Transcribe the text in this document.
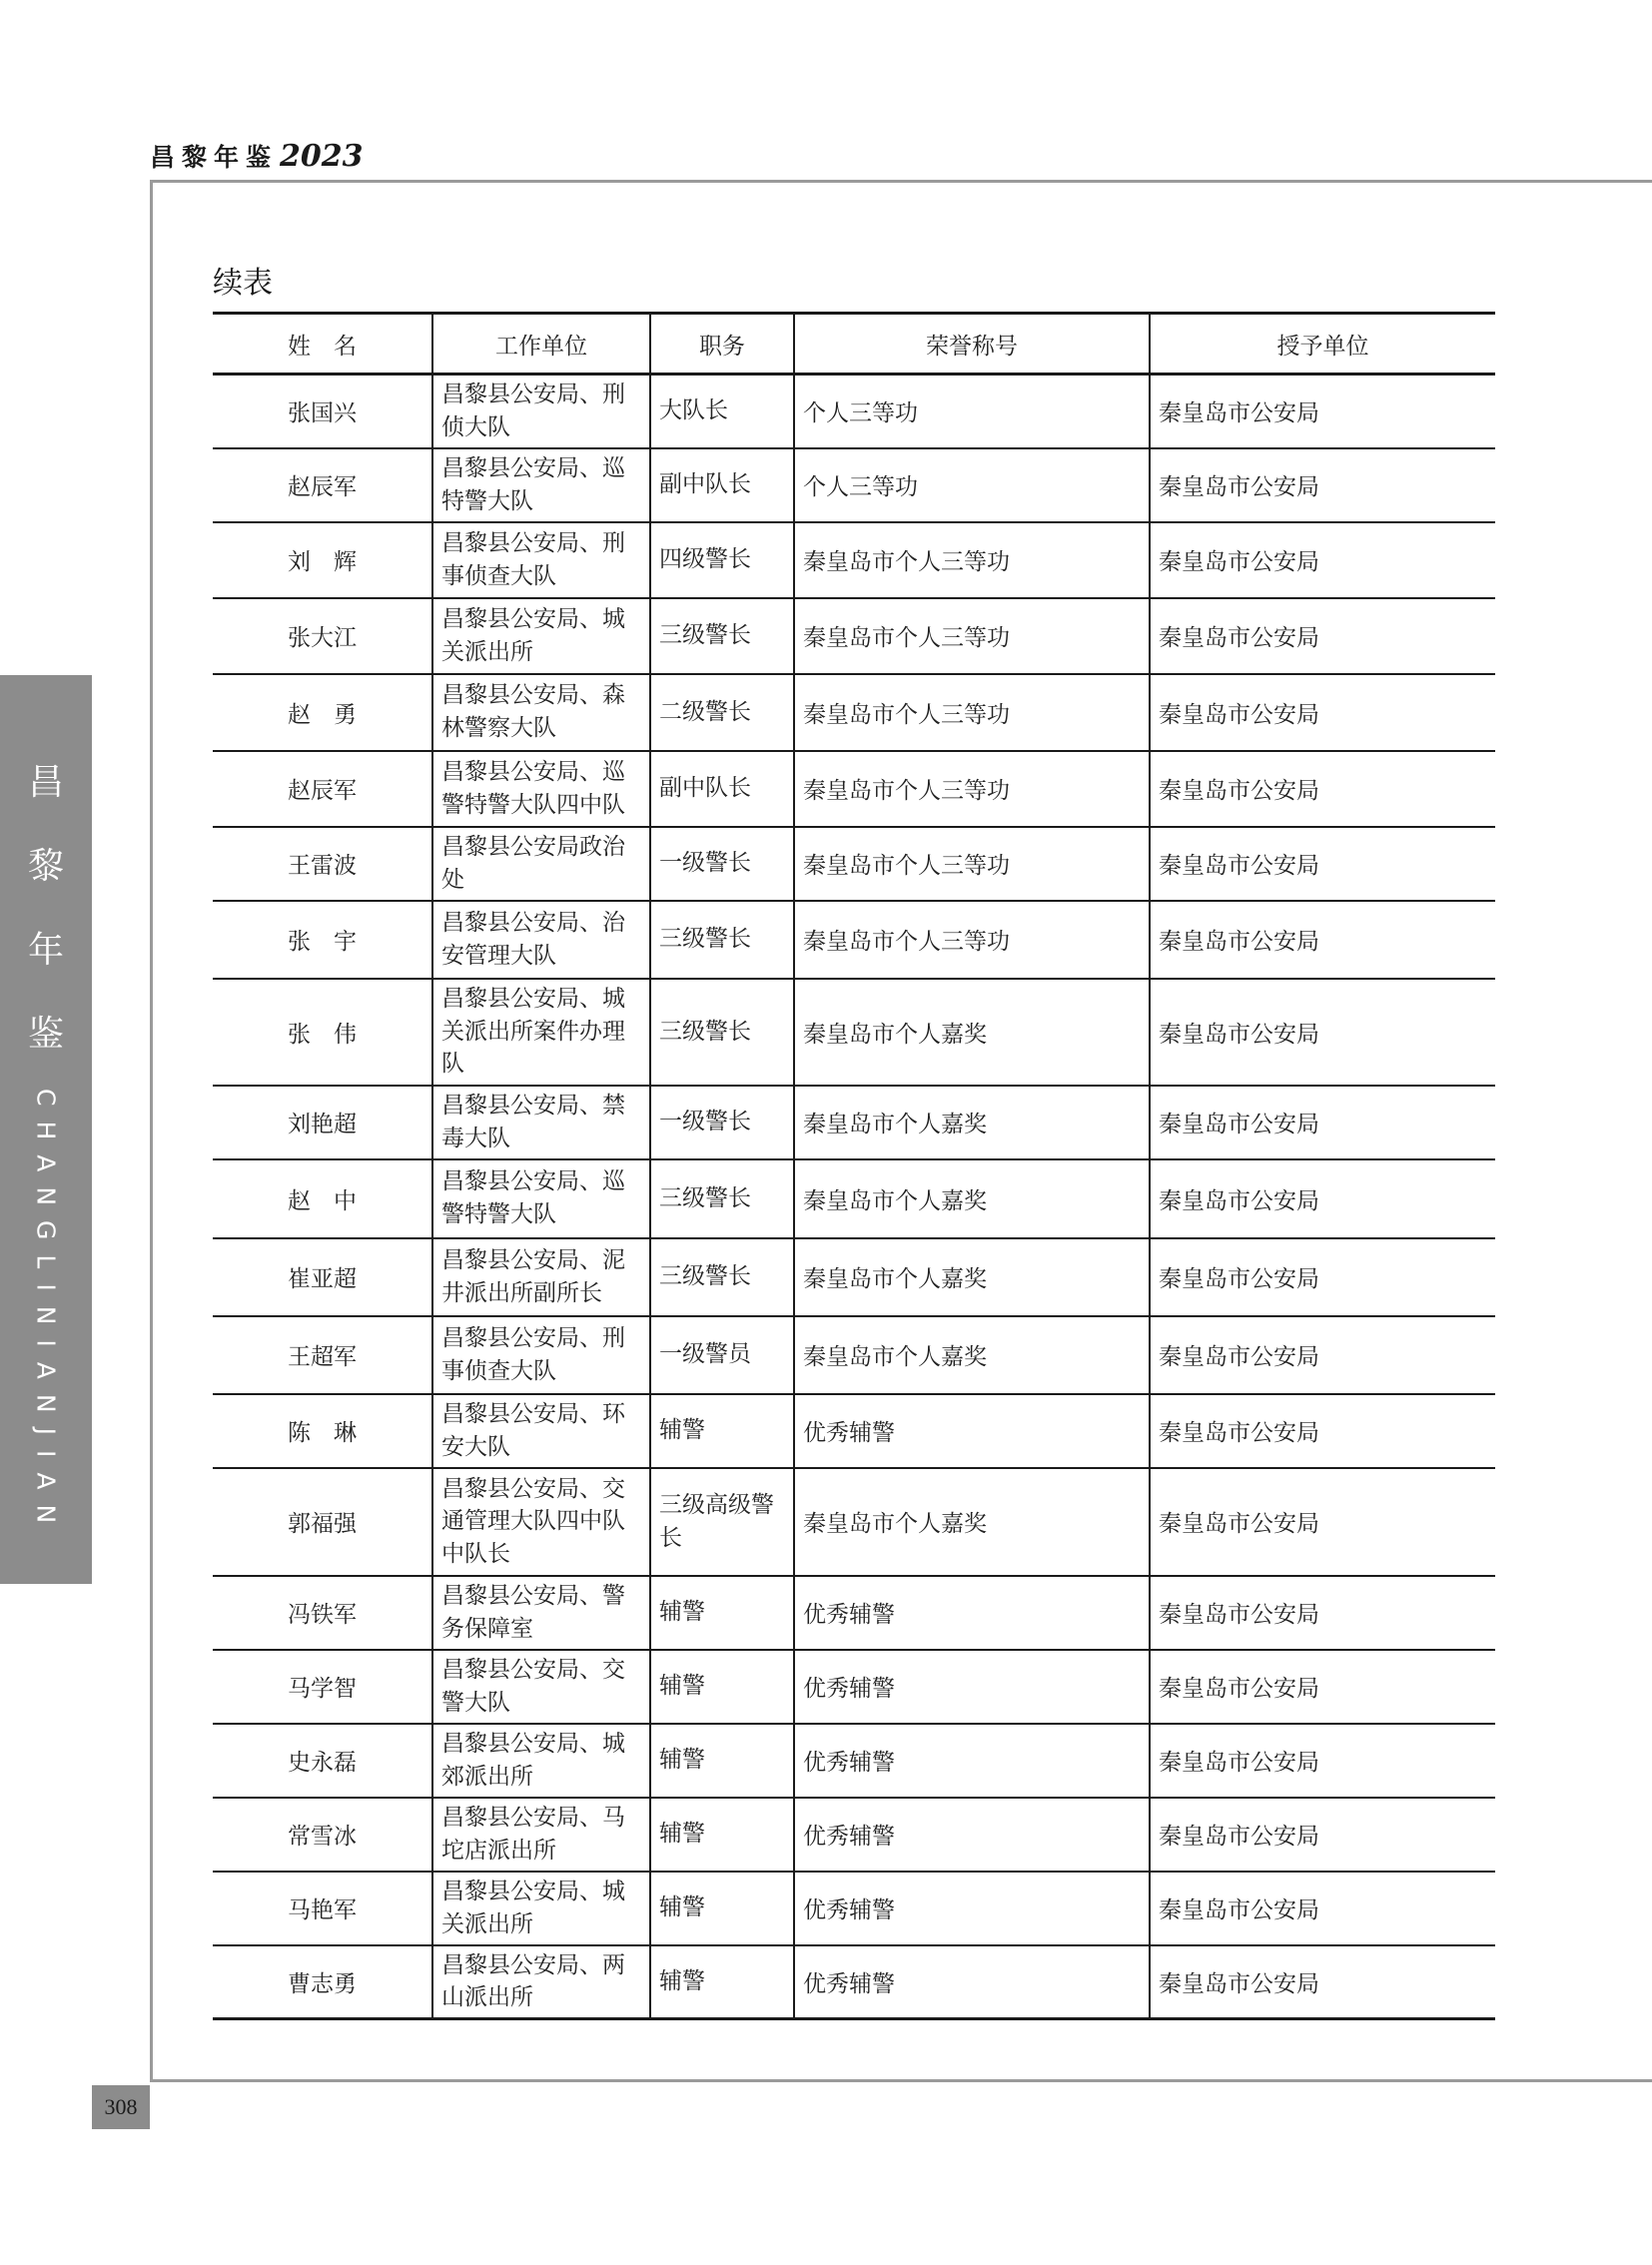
昌黎年鉴2023
昌
黎
年
鉴
CHANGLINIANJIAN
308
续表
姓　名	工作单位	职务	荣誉称号	授予单位
张国兴	昌黎县公安局、刑侦大队	大队长	个人三等功	秦皇岛市公安局
赵辰军	昌黎县公安局、巡特警大队	副中队长	个人三等功	秦皇岛市公安局
刘　辉	昌黎县公安局、刑事侦查大队	四级警长	秦皇岛市个人三等功	秦皇岛市公安局
张大江	昌黎县公安局、城关派出所	三级警长	秦皇岛市个人三等功	秦皇岛市公安局
赵　勇	昌黎县公安局、森林警察大队	二级警长	秦皇岛市个人三等功	秦皇岛市公安局
赵辰军	昌黎县公安局、巡警特警大队四中队	副中队长	秦皇岛市个人三等功	秦皇岛市公安局
王雷波	昌黎县公安局政治处	一级警长	秦皇岛市个人三等功	秦皇岛市公安局
张　宇	昌黎县公安局、治安管理大队	三级警长	秦皇岛市个人三等功	秦皇岛市公安局
张　伟	昌黎县公安局、城关派出所案件办理队	三级警长	秦皇岛市个人嘉奖	秦皇岛市公安局
刘艳超	昌黎县公安局、禁毒大队	一级警长	秦皇岛市个人嘉奖	秦皇岛市公安局
赵　中	昌黎县公安局、巡警特警大队	三级警长	秦皇岛市个人嘉奖	秦皇岛市公安局
崔亚超	昌黎县公安局、泥井派出所副所长	三级警长	秦皇岛市个人嘉奖	秦皇岛市公安局
王超军	昌黎县公安局、刑事侦查大队	一级警员	秦皇岛市个人嘉奖	秦皇岛市公安局
陈　琳	昌黎县公安局、环安大队	辅警	优秀辅警	秦皇岛市公安局
郭福强	昌黎县公安局、交通管理大队四中队中队长	三级高级警长	秦皇岛市个人嘉奖	秦皇岛市公安局
冯铁军	昌黎县公安局、警务保障室	辅警	优秀辅警	秦皇岛市公安局
马学智	昌黎县公安局、交警大队	辅警	优秀辅警	秦皇岛市公安局
史永磊	昌黎县公安局、城郊派出所	辅警	优秀辅警	秦皇岛市公安局
常雪冰	昌黎县公安局、马坨店派出所	辅警	优秀辅警	秦皇岛市公安局
马艳军	昌黎县公安局、城关派出所	辅警	优秀辅警	秦皇岛市公安局
曹志勇	昌黎县公安局、两山派出所	辅警	优秀辅警	秦皇岛市公安局
